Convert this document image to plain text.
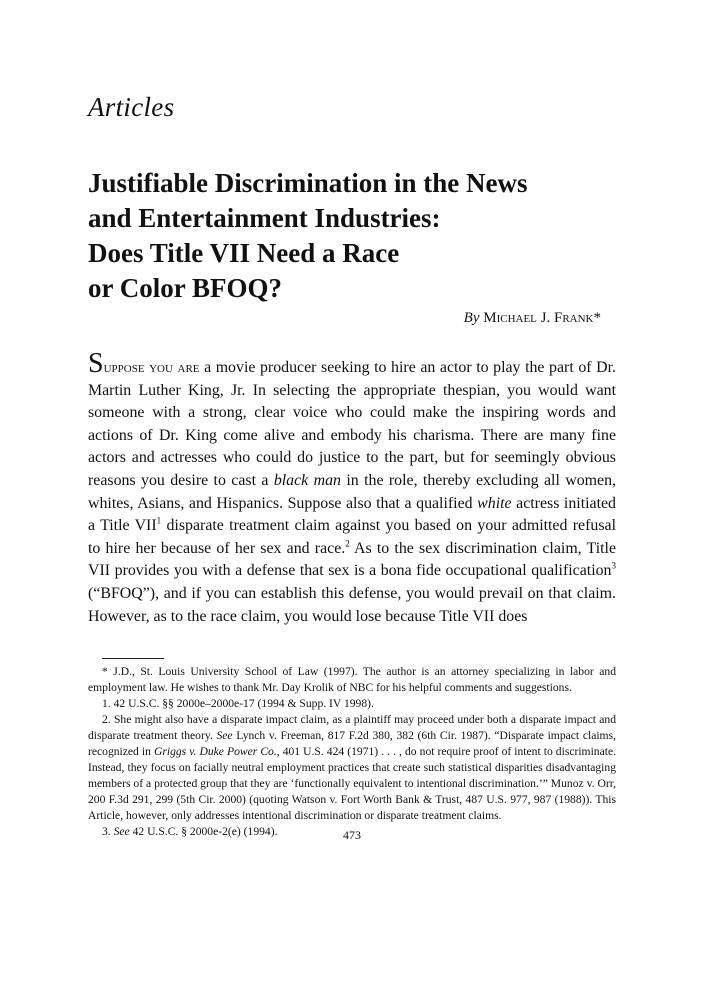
Articles
Justifiable Discrimination in the News
and Entertainment Industries:
Does Title VII Need a Race
or Color BFOQ?
By Michael J. Frank*

Suppose you are a movie producer seeking to hire an actor to play the part of Dr. Martin Luther King, Jr. In selecting the appropriate thespian, you would want someone with a strong, clear voice who could make the inspiring words and actions of Dr. King come alive and embody his charisma. There are many fine actors and actresses who could do justice to the part, but for seemingly obvious reasons you desire to cast a black man in the role, thereby excluding all women, whites, Asians, and Hispanics. Suppose also that a qualified white actress initiated a Title VII$^1$ disparate treatment claim against you based on your admitted refusal to hire her because of her sex and race.$^2$ As to the sex discrimination claim, Title VII provides you with a defense that sex is a bona fide occupational qualification$^3$ (“BFOQ”), and if you can establish this defense, you would prevail on that claim. However, as to the race claim, you would lose because Title VII does

* J.D., St. Louis University School of Law (1997). The author is an attorney specializing in labor and employment law. He wishes to thank Mr. Day Krolik of NBC for his helpful comments and suggestions.

1. 42 U.S.C. §§ 2000e–2000e-17 (1994 & Supp. IV 1998).

2. She might also have a disparate impact claim, as a plaintiff may proceed under both a disparate impact and disparate treatment theory. See Lynch v. Freeman, 817 F.2d 380, 382 (6th Cir. 1987). “Disparate impact claims, recognized in Griggs v. Duke Power Co., 401 U.S. 424 (1971) . . . , do not require proof of intent to discriminate. Instead, they focus on facially neutral employment practices that create such statistical disparities disadvantaging members of a protected group that they are ‘functionally equivalent to intentional discrimination.’” Munoz v. Orr, 200 F.3d 291, 299 (5th Cir. 2000) (quoting Watson v. Fort Worth Bank & Trust, 487 U.S. 977, 987 (1988)). This Article, however, only addresses intentional discrimination or disparate treatment claims.

3. See 42 U.S.C. § 2000e-2(e) (1994).	473
